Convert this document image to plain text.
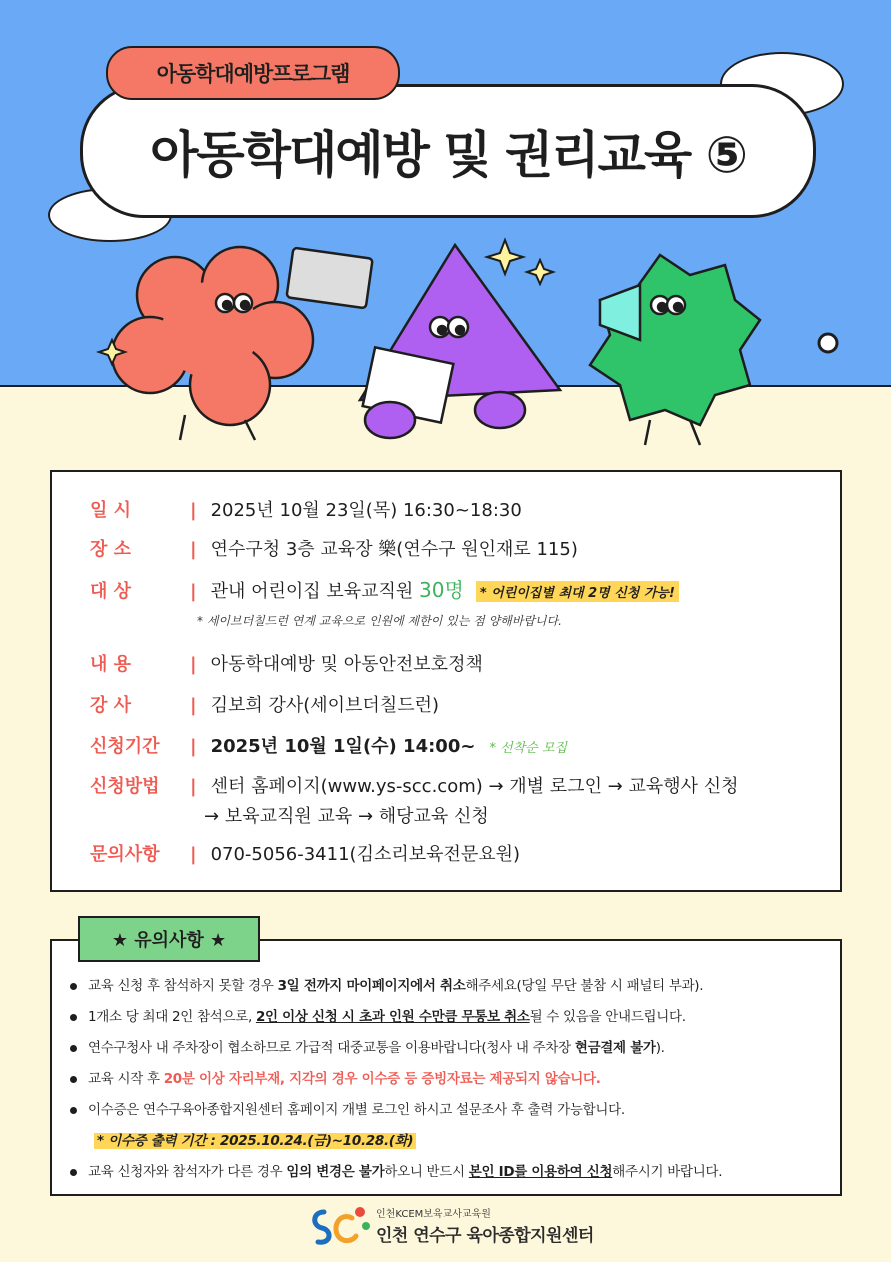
아동학대예방프로그램
아동학대예방 및 권리교육 ⑤
일 시	| 2025년 10월 23일(목) 16:30~18:30
장 소	| 연수구청 3층 교육장 樂(연수구 원인재로 115)
대 상	| 관내 어린이집 보육교직원
30명	* 어린이집별 최대 2명 신청 가능!
* 세이브더칠드런 연계 교육으로 인원에 제한이 있는 점 양해바랍니다.
내 용	| 아동학대예방 및 아동안전보호정책
강 사	| 김보희 강사(세이브더칠드런)
신청기간	| 2025년 10월 1일(수) 14:00~ * 선착순 모집
신청방법	| 센터 홈페이지(www.ys-scc.com) → 개별 로그인 → 교육행사 신청
→ 보육교직원 교육 → 해당교육 신청
문의사항	| 070-5056-3411(김소리보육전문요원)
★ 유의사항 ★
교육 신청 후 참석하지 못할 경우 3일 전까지 마이페이지에서 취소해주세요(당일 무단 불참 시 패널티 부과).
1개소 당 최대 2인 참석으로, 2인 이상 신청 시 초과 인원 수만큼 무통보 취소될 수 있음을 안내드립니다.
연수구청사 내 주차장이 협소하므로 가급적 대중교통을 이용바랍니다(청사 내 주차장 현금결제 불가).
교육 시작 후 20분 이상 자리부재, 지각의 경우 이수증 등 증빙자료는 제공되지 않습니다.
이수증은 연수구육아종합지원센터 홈페이지 개별 로그인 하시고 설문조사 후 출력 가능합니다.
* 이수증 출력 기간 : 2025.10.24.(금)~10.28.(화)
교육 신청자와 참석자가 다른 경우 임의 변경은 불가하오니 반드시 본인 ID를 이용하여 신청해주시기 바랍니다.
인천KCEM보육교사교육원
인천 연수구 육아종합지원센터
